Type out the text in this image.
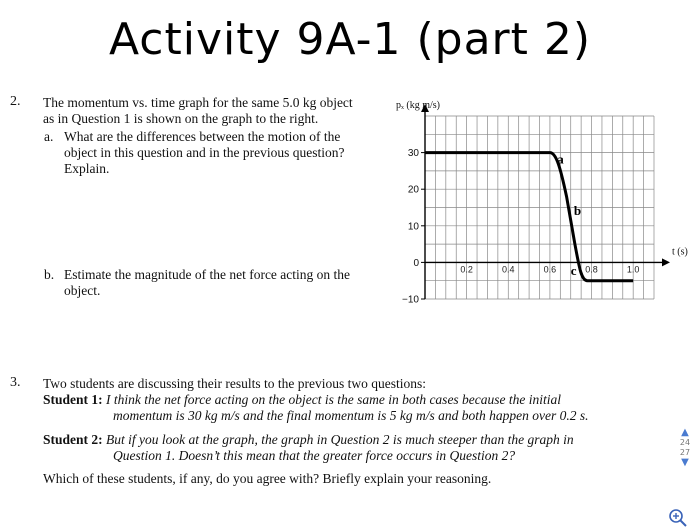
Activity 9A-1 (part 2)
2. The momentum vs. time graph for the same 5.0 kg object
as in Question 1 is shown on the graph to the right.
a. What are the differences between the motion of the
object in this question and in the previous question?
Explain.
b. Estimate the magnitude of the net force acting on the
object.
30
20
10
0
−10
0.2	0.4	0.6	0.8	1.0
pₓ (kg m/s)
t (s)
a
b
c
3. Two students are discussing their results to the previous two questions:
Student 1: I think the net force acting on the object is the same in both cases because the initial
momentum is 30 kg m/s and the final momentum is 5 kg m/s and both happen over 0.2 s.
Student 2: But if you look at the graph, the graph in Question 2 is much steeper than the graph in
Question 1. Doesn’t this mean that the greater force occurs in Question 2?
Which of these students, if any, do you agree with? Briefly explain your reasoning.
▲
24
27
▼
